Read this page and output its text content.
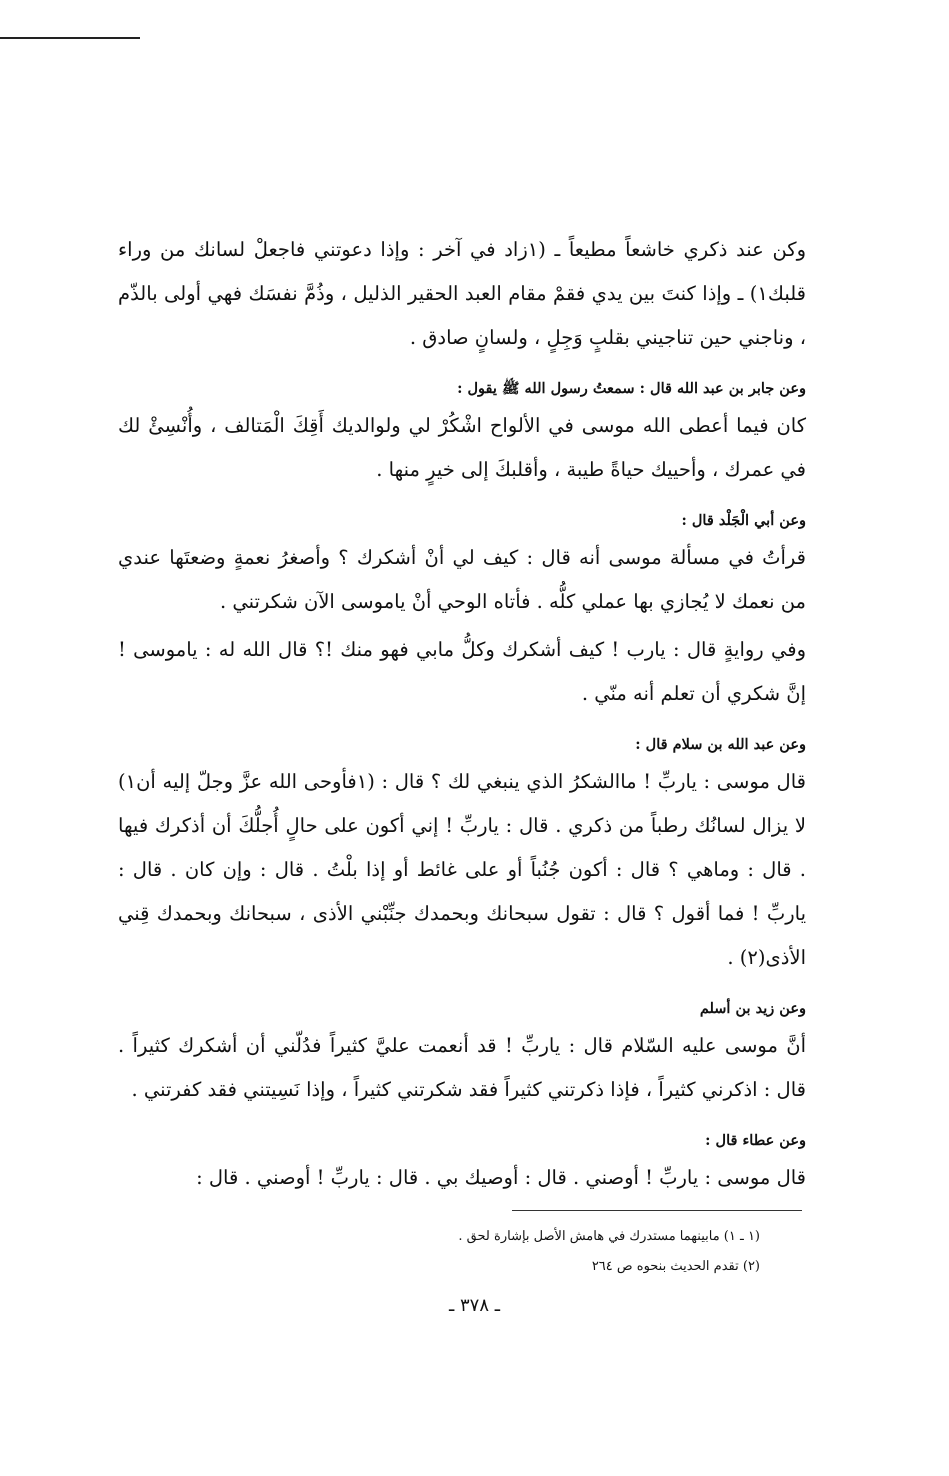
وكن عند ذكري خاشعاً مطيعاً ـ (١زاد في آخر : وإذا دعوتني فاجعلْ لسانك من وراء قلبك١) ـ وإذا كنتَ بين يدي فقمْ مقام العبد الحقير الذليل ، وذُمَّ نفسَك فهي أولى بالذّم ، وناجني حين تناجيني بقلبٍ وَجِلٍ ، ولسانٍ صادق .

وعن جابر بن عبد الله قال : سمعتُ رسول الله ﷺ يقول :

كان فيما أعطى الله موسى في الألواح اشْكُرْ لي ولوالديك أَقِكَ الْمَتالف ، وأُنْسِئْ لك في عمرك ، وأحييك حياةً طيبة ، وأقلبكَ إلى خيرٍ منها .

وعن أبي الْجَلْد قال :

قرأتُ في مسألة موسى أنه قال : كيف لي أنْ أشكرك ؟ وأصغرُ نعمةٍ وضعتَها عندي من نعمك لا يُجازي بها عملي كلُّه . فأتاه الوحي أنْ ياموسى الآن شكرتني .

وفي روايةٍ قال : يارب ! كيف أشكرك وكلُّ مابي فهو منك !؟ قال الله له : ياموسى ! إنَّ شكري أن تعلم أنه منّي .

وعن عبد الله بن سلام قال :

قال موسى : ياربِّ ! ماالشكرُ الذي ينبغي لك ؟ قال : (١فأوحى الله عزَّ وجلّ إليه أن١) لا يزال لسانُك رطباً من ذكري . قال : ياربِّ ! إني أكون على حالٍ أُجلُّكَ أن أذكرك فيها . قال : وماهي ؟ قال : أكون جُنُباً أو على غائط أو إذا بلْتُ . قال : وإن كان . قال : ياربِّ ! فما أقول ؟ قال : تقول سبحانك وبحمدك جنِّبْني الأذى ، سبحانك وبحمدك قِني الأذى(٢) .

وعن زيد بن أسلم

أنَّ موسى عليه السّلام قال : ياربِّ ! قد أنعمت عليَّ كثيراً فدُلّني أن أشكرك كثيراً . قال : اذكرني كثيراً ، فإذا ذكرتني كثيراً فقد شكرتني كثيراً ، وإذا نَسِيتني فقد كفرتني .

وعن عطاء قال :

قال موسى : ياربِّ ! أوصني . قال : أوصيك بي . قال : ياربِّ ! أوصني . قال :

(١ ـ ١) مابينهما مستدرك في هامش الأصل بإشارة لحق .

(٢) تقدم الحديث بنحوه ص ٢٦٤

ـ ٣٧٨ ـ
